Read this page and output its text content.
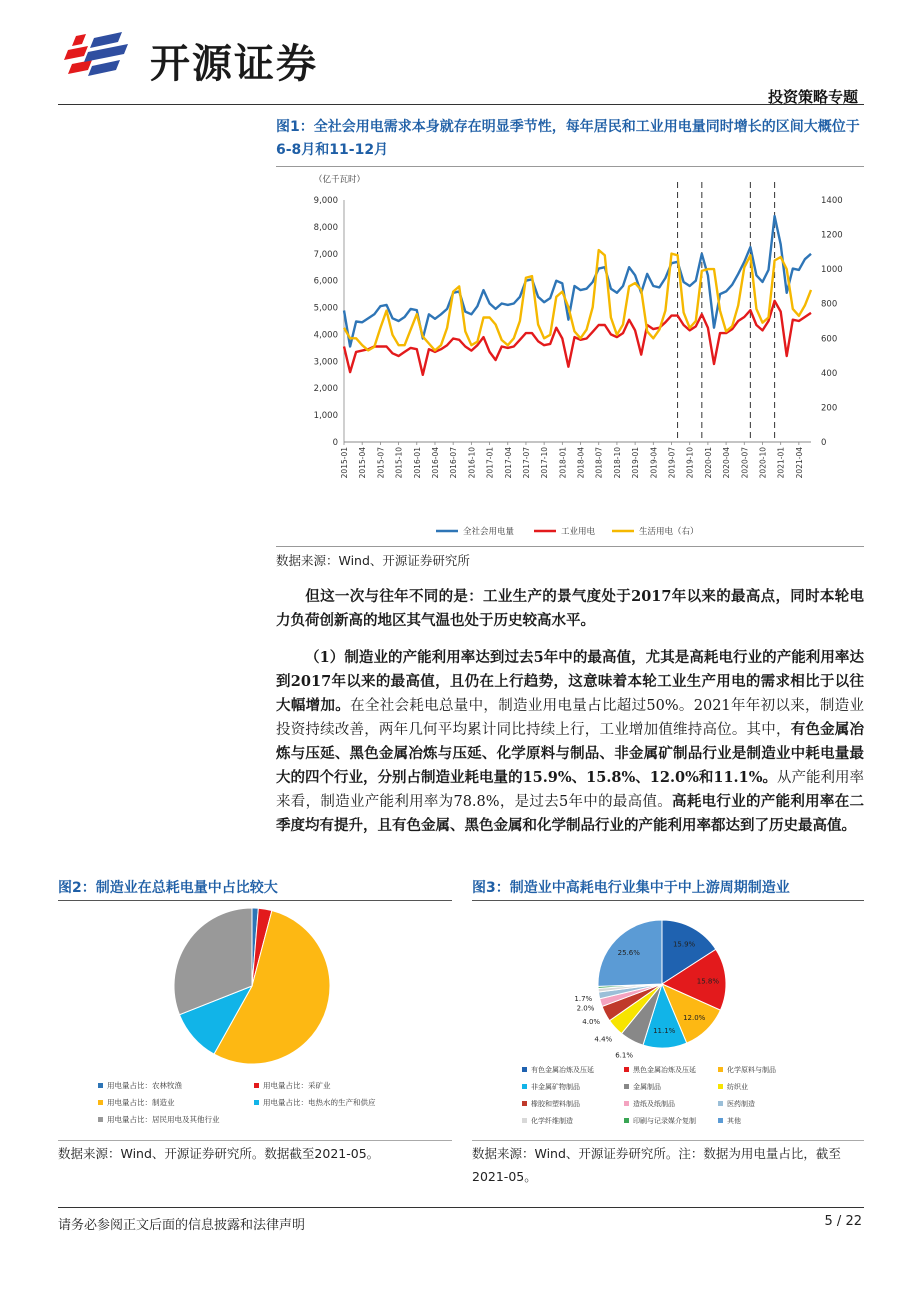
开源证券
投资策略专题
图1：全社会用电需求本身就存在明显季节性，每年居民和工业用电量同时增长的区间大概位于6-8月和11-12月
（亿千瓦时）
0
1,000
2,000
3,000
4,000
5,000
6,000
7,000
8,000
9,000
0
200
400
600
800
1000
1200
1400
2015-01 2015-04 2015-07 2015-10 2016-01 2016-04 2016-07 2016-10 2017-01 2017-04 2017-07 2017-10 2018-01 2018-04 2018-07 2018-10 2019-01 2019-04 2019-07 2019-10 2020-01 2020-04 2020-07 2020-10 2021-01 2021-04
全社会用电量	工业用电	生活用电（右）
数据来源：Wind、开源证券研究所
但这一次与往年不同的是：工业生产的景气度处于2017年以来的最高点，同时本轮电力负荷创新高的地区其气温也处于历史较高水平。
（1）制造业的产能利用率达到过去5年中的最高值，尤其是高耗电行业的产能利用率达到2017年以来的最高值，且仍在上行趋势，这意味着本轮工业生产用电的需求相比于以往大幅增加。在全社会耗电总量中，制造业用电量占比超过50%。2021年年初以来，制造业投资持续改善，两年几何平均累计同比持续上行，工业增加值维持高位。其中，有色金属冶炼与压延、黑色金属冶炼与压延、化学原料与制品、非金属矿制品行业是制造业中耗电量最大的四个行业，分别占制造业耗电量的15.9%、15.8%、12.0%和11.1%。从产能利用率来看，制造业产能利用率为78.8%，是过去5年中的最高值。高耗电行业的产能利用率在二季度均有提升，且有色金属、黑色金属和化学制品行业的产能利用率都达到了历史最高值。
图2：制造业在总耗电量中占比较大
用电量占比：农林牧渔	用电量占比：采矿业
用电量占比：制造业	用电量占比：电热水的生产和供应
用电量占比：居民用电及其他行业
数据来源：Wind、开源证券研究所。数据截至2021-05。
图3：制造业中高耗电行业集中于中上游周期制造业
15.9%
15.8%
12.0%
11.1%
6.1%
4.4%
4.0%
2.0%
1.7%
25.6%
有色金属冶炼及压延	黑色金属冶炼及压延	化学原料与制品
非金属矿物制品	金属制品	纺织业
橡胶和塑料制品	造纸及纸制品	医药制造
化学纤维制造	印刷与记录媒介复制	其他
数据来源：Wind、开源证券研究所。注：数据为用电量占比，截至
2021-05。
请务必参阅正文后面的信息披露和法律声明	5 / 22
